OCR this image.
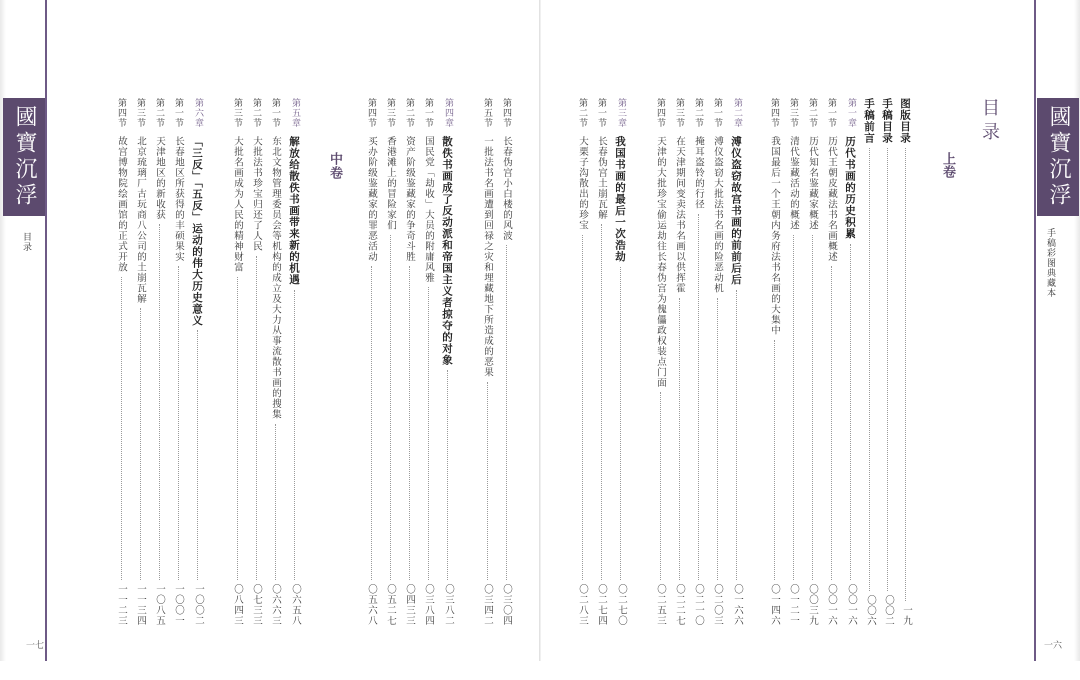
國寶沉浮
目录
一七
國寶沉浮錄
手稿彩图典藏本
一六
目录
图版目录
一九
手稿目录
〇〇二
手稿前言
〇〇六
第一章
历代书画的历史积累
〇〇一六
第一节
历代王朝皮藏法书名画概述
〇〇一六
第二节
历代知名鉴藏家概述
〇〇三九
第三节
清代鉴藏活动的概述
〇一二一
第四节
我国最后一个王朝内务府法书名画的大集中
〇一四六
第二章
溥仪盗窃故宫书画的前前后后
〇一六六
第一节
溥仪盗窃大批法书名画的险恶动机
〇二〇三
第二节
掩耳盗铃的行径
〇二一〇
第三节
在天津期间变卖法书名画以供挥霍
〇二二七
第四节
天津的大批珍宝偷运劫往长春伪宫为傀儡政权装点门面
〇二五三
第三章
我国书画的最后一次浩劫
〇二七〇
第一节
长春伪宫土崩瓦解
〇二七四
第二节
大栗子沟散出的珍宝
〇二八三
第四节
长春伪宫小白楼的风波
〇三〇四
第五节
一批法书名画遭到回禄之灾和埋藏地下所造成的恶果
〇三四二
第四章
散佚书画成了反动派和帝国主义者掠夺的对象
〇三八二
第一节
国民党「劫收」大员的附庸风雅
〇三八四
第二节
资产阶级鉴藏家的争奇斗胜
〇四三三
第三节
香港滩上的冒险家们
〇五二七
第四节
买办阶级鉴藏家的罪恶活动
〇五六八
中卷
第五章
解放给散佚书画带来新的机遇
〇六五八
第一节
东北文物管理委员会等机构的成立及大力从事流散书画的搜集
〇六六三
第二节
大批法书珍宝归还了人民
〇七三三
第三节
大批名画成为人民的精神财富
〇八四三
第六章
「三反」「五反」运动的伟大历史意义
一〇〇二
第一节
长春地区所获得的丰硕果实
一〇〇一
第二节
天津地区的新收获
一〇八五
第三节
北京琉璃厂古玩商八公司的土崩瓦解
一一三四
第四节
故宫博物院绘画馆的正式开放
一一二三
上卷
